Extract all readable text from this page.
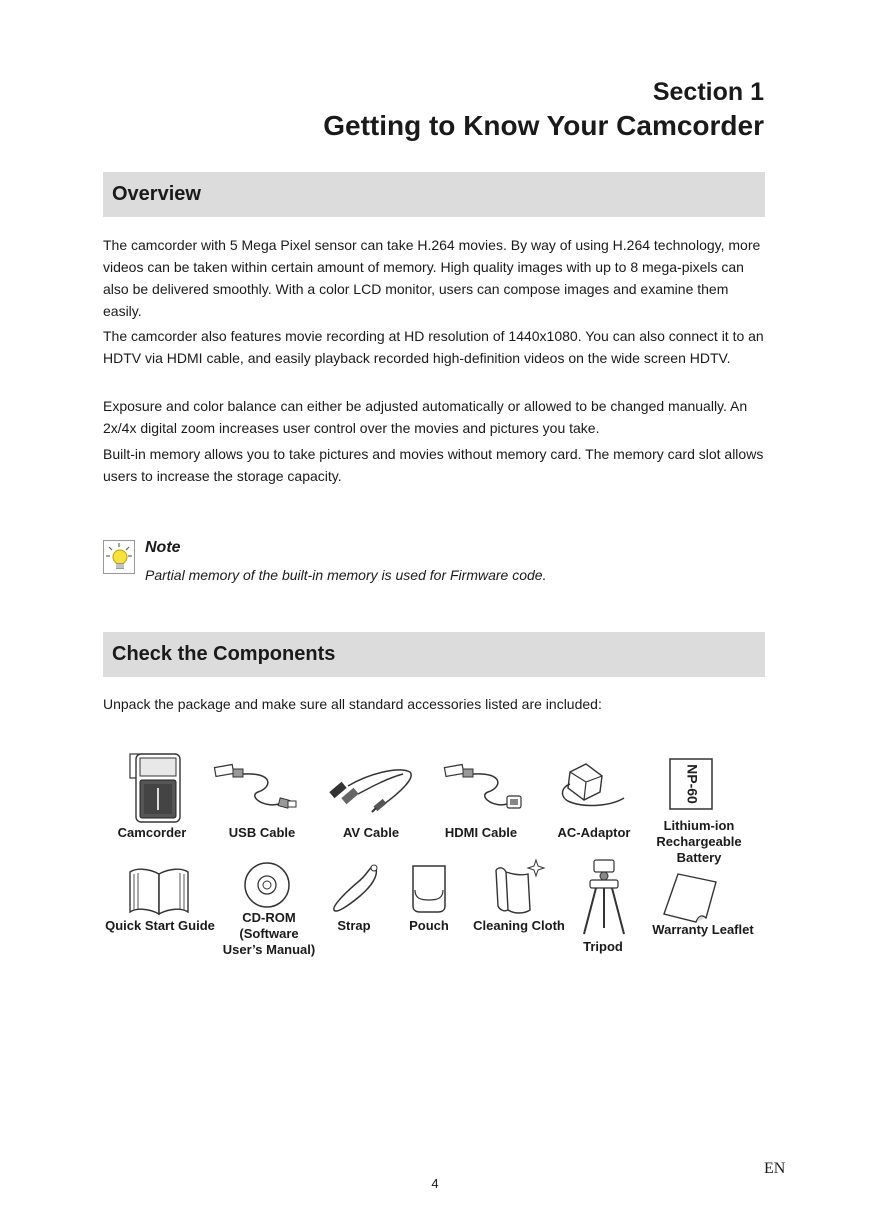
Section 1
Getting to Know Your Camcorder
Overview

The camcorder with 5 Mega Pixel sensor can take H.264 movies. By way of using H.264 technology, more videos can be taken within certain amount of memory. High quality images with up to 8 mega-pixels can also be delivered smoothly. With a color LCD monitor, users can compose images and examine them easily.

The camcorder also features movie recording at HD resolution of 1440x1080. You can also connect it to an HDTV via HDMI cable, and easily playback recorded high-definition videos on the wide screen HDTV.

Exposure and color balance can either be adjusted automatically or allowed to be changed manually. An 2x/4x digital zoom increases user control over the movies and pictures you take.

Built-in memory allows you to take pictures and movies without memory card. The memory card slot allows users to increase the storage capacity.

Note
Partial memory of the built-in memory is used for Firmware code.
Check the Components
Unpack the package and make sure all standard accessories listed are included:
NP-60
Camcorder	USB Cable	AV Cable	HDMI Cable	AC-Adaptor	Lithium-ion
Rechargeable
Battery
Quick Start Guide
CD-ROM
(Software
User’s Manual)
Strap	Pouch	Cleaning Cloth
Tripod
Warranty Leaflet
EN
4
